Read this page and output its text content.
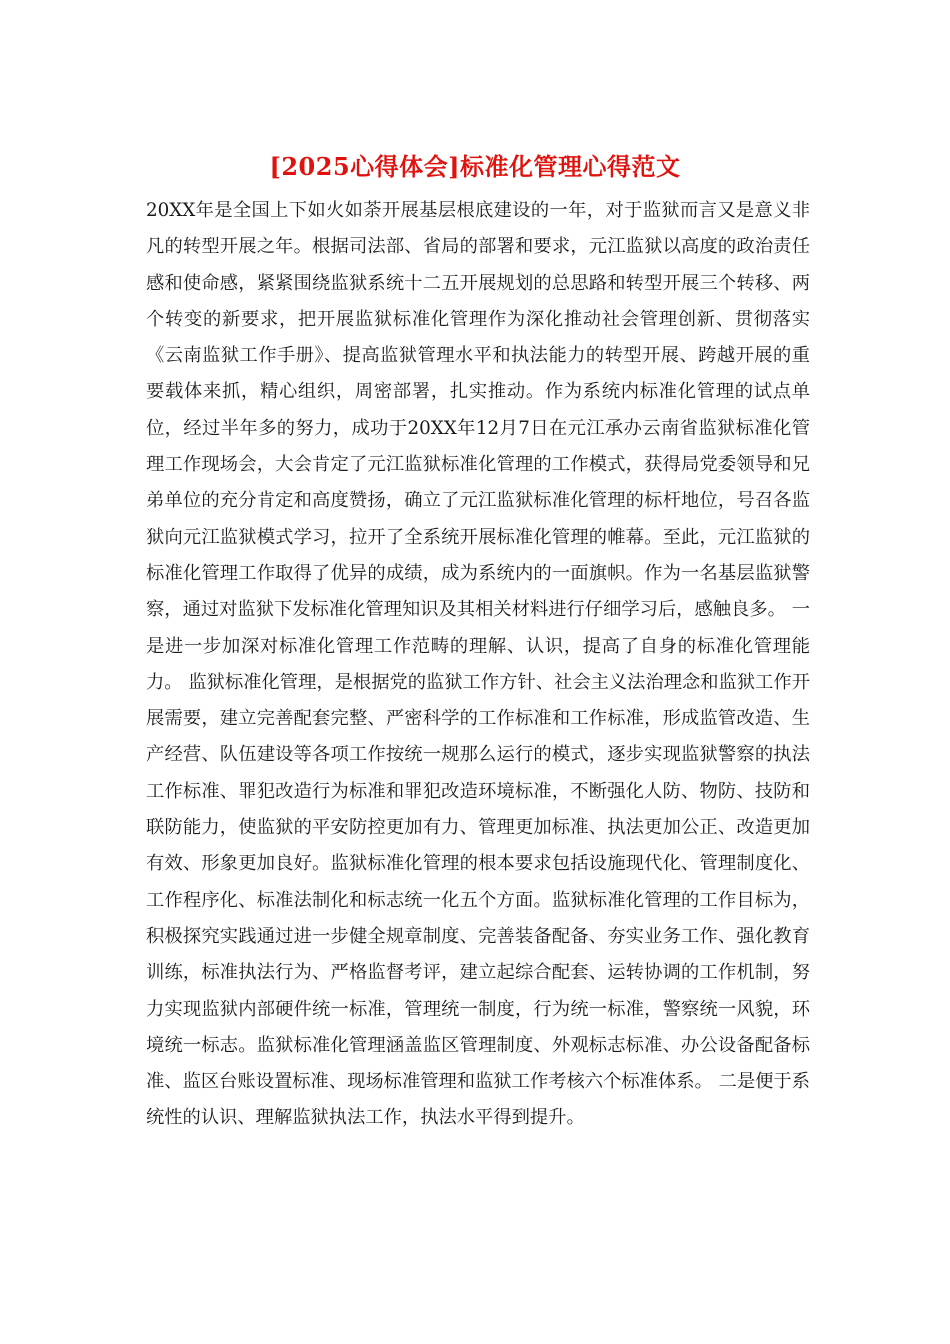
[2025心得体会]标准化管理心得范文

20XX年是全国上下如火如荼开展基层根底建设的一年，对于监狱而言又是意义非凡的转型开展之年。根据司法部、省局的部署和要求，元江监狱以高度的政治责任感和使命感，紧紧围绕监狱系统十二五开展规划的总思路和转型开展三个转移、两个转变的新要求，把开展监狱标准化管理作为深化推动社会管理创新、贯彻落实《云南监狱工作手册》、提高监狱管理水平和执法能力的转型开展、跨越开展的重要载体来抓，精心组织，周密部署，扎实推动。作为系统内标准化管理的试点单位，经过半年多的努力，成功于20XX年12月7日在元江承办云南省监狱标准化管理工作现场会，大会肯定了元江监狱标准化管理的工作模式，获得局党委领导和兄弟单位的充分肯定和高度赞扬，确立了元江监狱标准化管理的标杆地位，号召各监狱向元江监狱模式学习，拉开了全系统开展标准化管理的帷幕。至此，元江监狱的标准化管理工作取得了优异的成绩，成为系统内的一面旗帜。作为一名基层监狱警察，通过对监狱下发标准化管理知识及其相关材料进行仔细学习后，感触良多。 一是进一步加深对标准化管理工作范畴的理解、认识，提高了自身的标准化管理能力。 监狱标准化管理，是根据党的监狱工作方针、社会主义法治理念和监狱工作开展需要，建立完善配套完整、严密科学的工作标准和工作标准，形成监管改造、生产经营、队伍建设等各项工作按统一规那么运行的模式，逐步实现监狱警察的执法工作标准、罪犯改造行为标准和罪犯改造环境标准，不断强化人防、物防、技防和联防能力，使监狱的平安防控更加有力、管理更加标准、执法更加公正、改造更加有效、形象更加良好。监狱标准化管理的根本要求包括设施现代化、管理制度化、工作程序化、标准法制化和标志统一化五个方面。监狱标准化管理的工作目标为，积极探究实践通过进一步健全规章制度、完善装备配备、夯实业务工作、强化教育训练，标准执法行为、严格监督考评，建立起综合配套、运转协调的工作机制，努力实现监狱内部硬件统一标准，管理统一制度，行为统一标准，警察统一风貌，环境统一标志。监狱标准化管理涵盖监区管理制度、外观标志标准、办公设备配备标准、监区台账设置标准、现场标准管理和监狱工作考核六个标准体系。 二是便于系统性的认识、理解监狱执法工作，执法水平得到提升。
